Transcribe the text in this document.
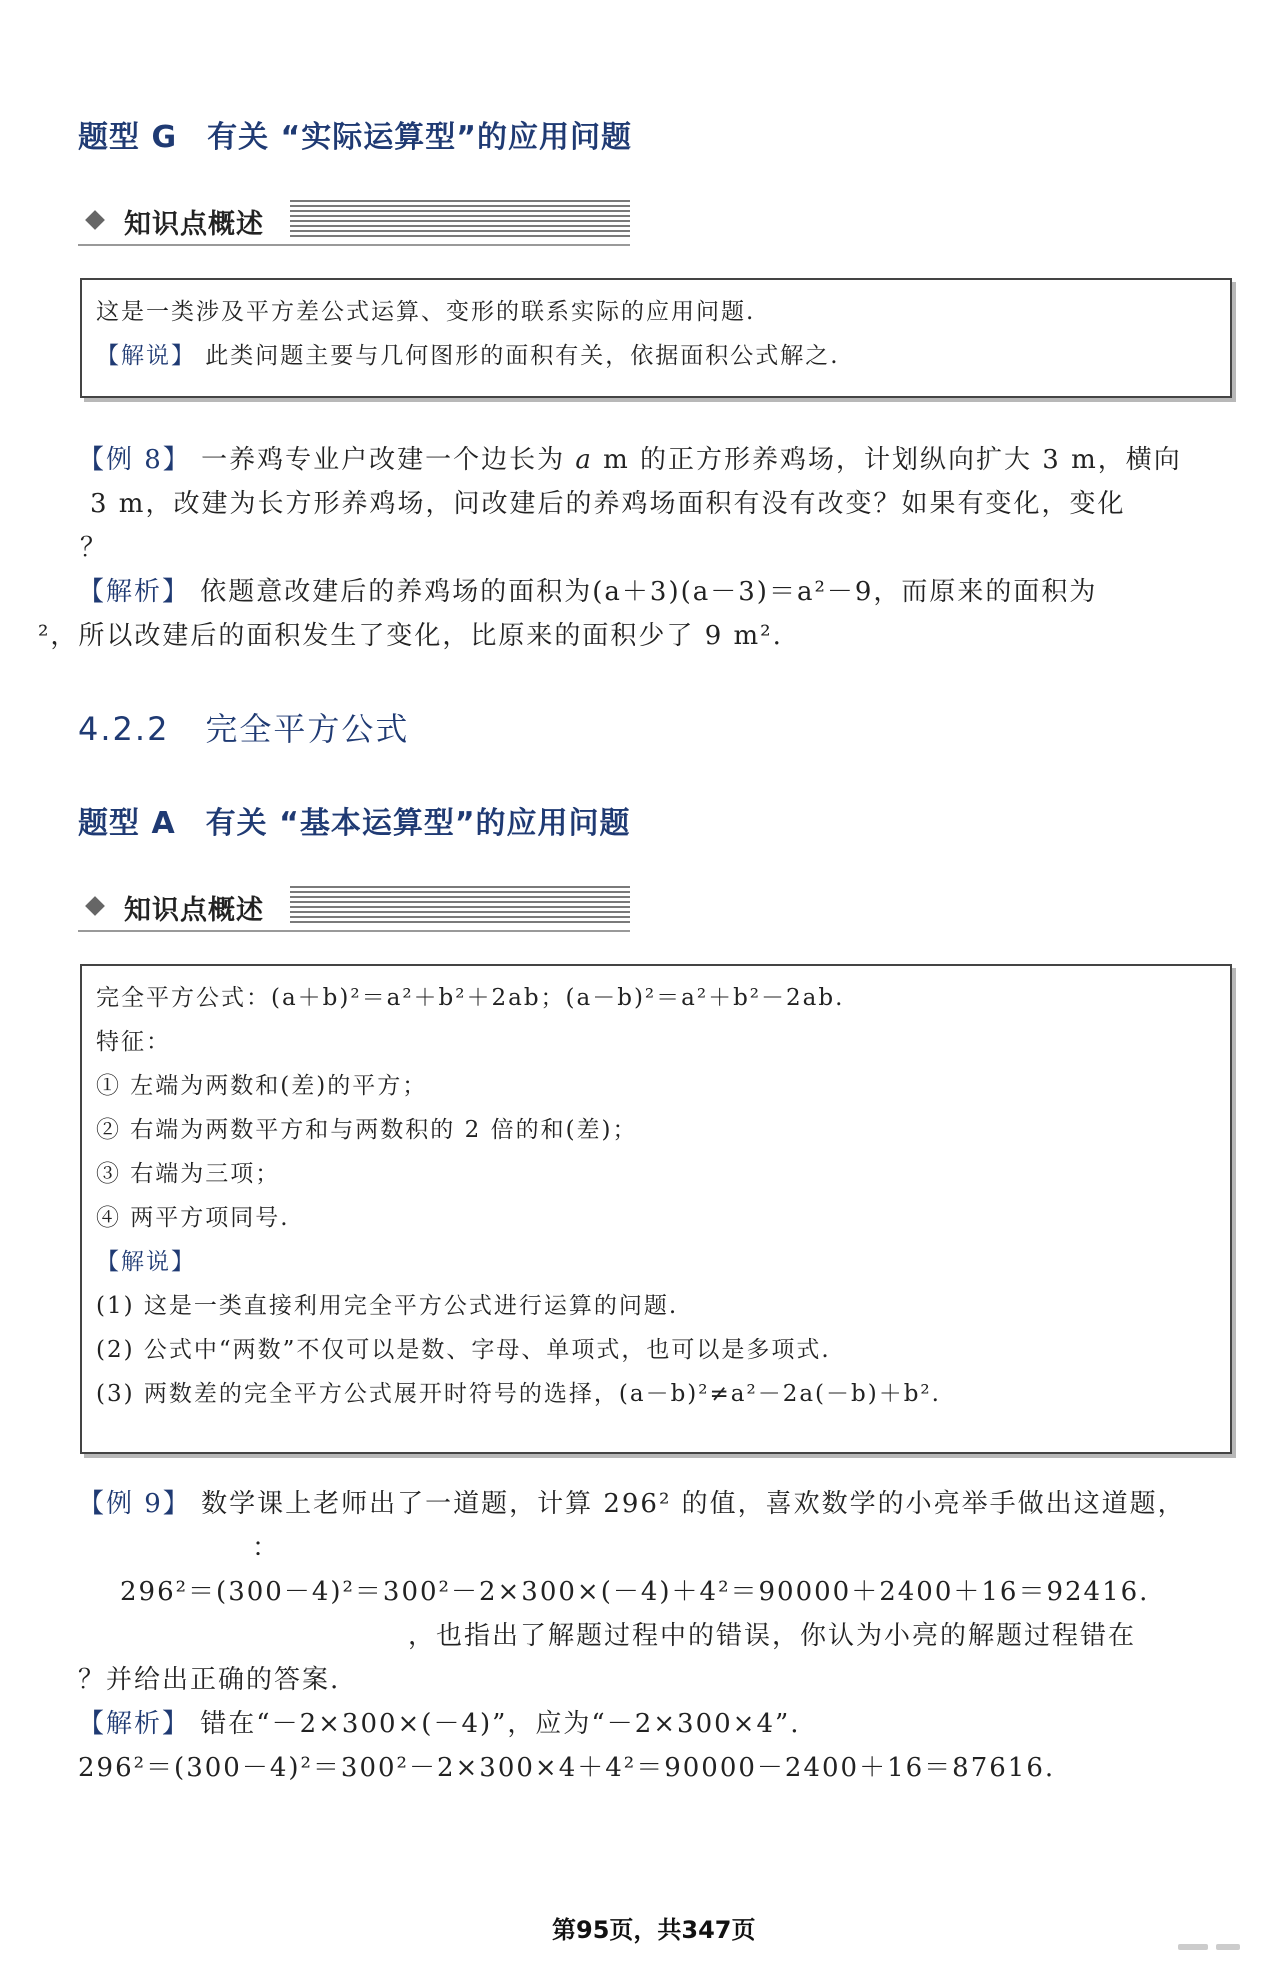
题型 G 有关 “实际运算型”的应用问题
知识点概述

这是一类涉及平方差公式运算、变形的联系实际的应用问题.

【解说】 此类问题主要与几何图形的面积有关，依据面积公式解之.

【例 8】 一养鸡专业户改建一个边长为 a m 的正方形养鸡场，计划纵向扩大 3 m，横向

3 m，改建为长方形养鸡场，问改建后的养鸡场面积有没有改变？如果有变化，变化

？

【解析】 依题意改建后的养鸡场的面积为(a＋3)(a－3)＝a²－9，而原来的面积为

²，所以改建后的面积发生了变化，比原来的面积少了 9 m².
4.2.2 完全平方公式
题型 A 有关 “基本运算型”的应用问题
知识点概述

完全平方公式：(a＋b)²＝a²＋b²＋2ab；(a－b)²＝a²＋b²－2ab.

特征：

① 左端为两数和(差)的平方；

② 右端为两数平方和与两数积的 2 倍的和(差)；

③ 右端为三项；

④ 两平方项同号.

【解说】

(1) 这是一类直接利用完全平方公式进行运算的问题.

(2) 公式中“两数”不仅可以是数、字母、单项式，也可以是多项式.

(3) 两数差的完全平方公式展开时符号的选择，(a－b)²≠a²－2a(－b)＋b².

【例 9】 数学课上老师出了一道题，计算 296² 的值，喜欢数学的小亮举手做出这道题，

：

296²＝(300－4)²＝300²－2×300×(－4)＋4²＝90000＋2400＋16＝92416.

，也指出了解题过程中的错误，你认为小亮的解题过程错在

？并给出正确的答案.

【解析】 错在“－2×300×(－4)”，应为“－2×300×4”.

296²＝(300－4)²＝300²－2×300×4＋4²＝90000－2400＋16＝87616.

第95页，共347页
